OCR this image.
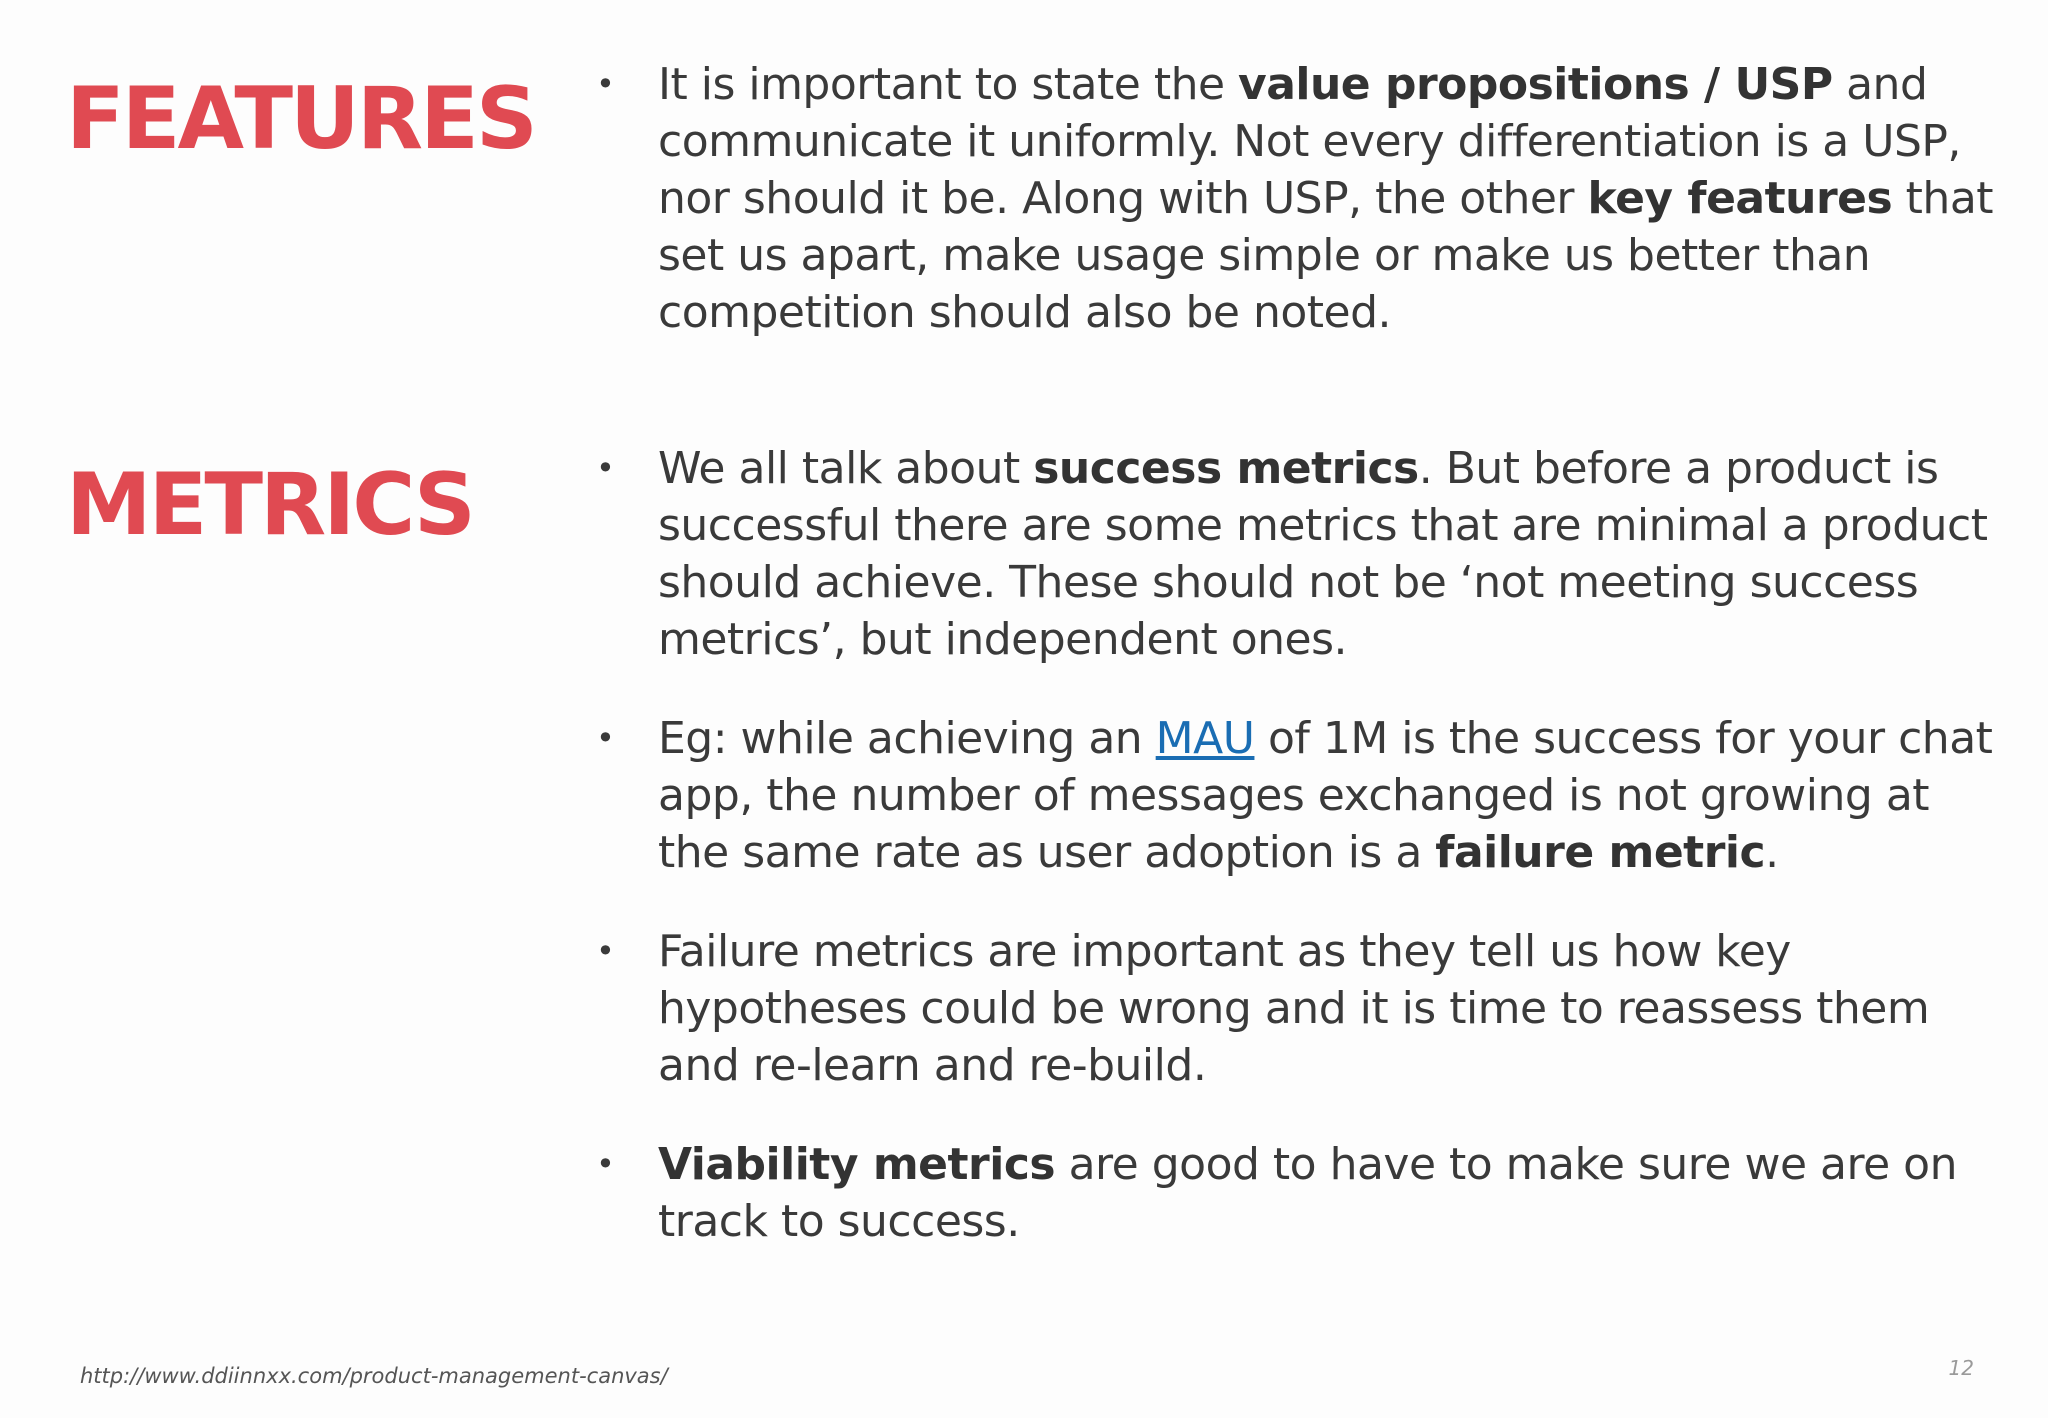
FEATURES • It is important to state the value propositions / USP and communicate it uniformly. Not every differentiation is a USP, nor should it be. Along with USP, the other key features that set us apart, make usage simple or make us better than competition should also be noted.
METRICS	• We all talk about success metrics. But before a product is successful there are some metrics that are minimal a product should achieve. These should not be ‘not meeting success metrics’, but independent ones.
• Eg: while achieving an MAU of 1M is the success for your chat app, the number of messages exchanged is not growing at the same rate as user adoption is a failure metric.
• Failure metrics are important as they tell us how key hypotheses could be wrong and it is time to reassess them and re-learn and re-build.
• Viability metrics are good to have to make sure we are on track to success.
http://www.ddiinnxx.com/product-management-canvas/	12
